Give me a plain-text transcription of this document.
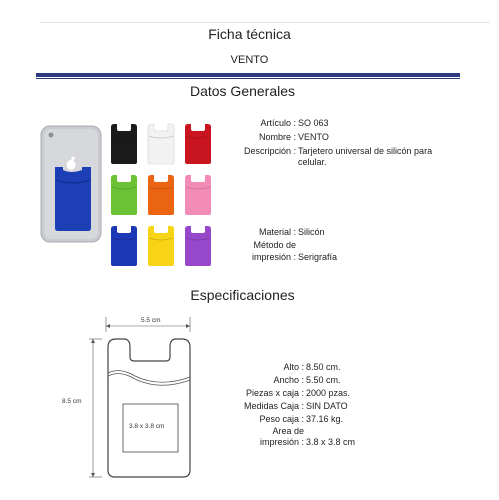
Ficha técnica
VENTO
Datos Generales
Artículo : SO 063
Nombre : VENTO
Descripción : Tarjetero universal de silicón para
celular.
Material : Silicón
Método de
impresión : Serigrafía
Especificaciones
5.5 cm
8.5 cm
3.8 x 3.8 cm
Alto : 8.50 cm.
Ancho : 5.50 cm.
Piezas x caja : 2000 pzas.
Medidas Caja : SIN DATO
Peso caja : 37.16 kg.
Area de
impresión : 3.8 x 3.8 cm
